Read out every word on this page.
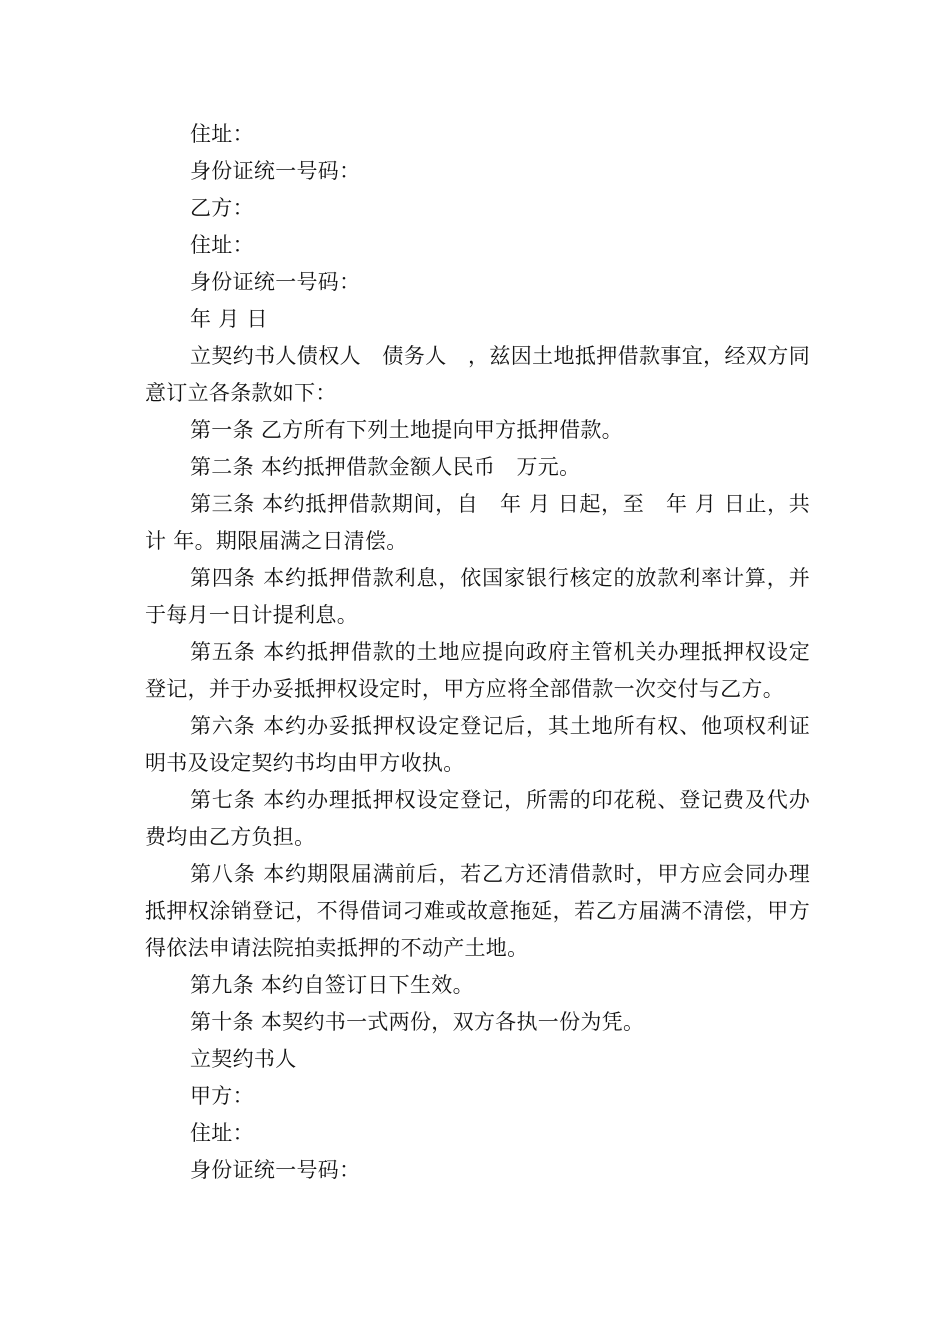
住址：

身份证统一号码：

乙方：

住址：

身份证统一号码：

年 月 日

立契约书人债权人　债务人　，兹因土地抵押借款事宜，经双方同意订立各条款如下：

第一条 乙方所有下列土地提向甲方抵押借款。

第二条 本约抵押借款金额人民币　万元。

第三条 本约抵押借款期间，自　年 月 日起，至　年 月 日止，共计 年。期限届满之日清偿。

第四条 本约抵押借款利息，依国家银行核定的放款利率计算，并于每月一日计提利息。

第五条 本约抵押借款的土地应提向政府主管机关办理抵押权设定登记，并于办妥抵押权设定时，甲方应将全部借款一次交付与乙方。

第六条 本约办妥抵押权设定登记后，其土地所有权、他项权利证明书及设定契约书均由甲方收执。

第七条 本约办理抵押权设定登记，所需的印花税、登记费及代办费均由乙方负担。

第八条 本约期限届满前后，若乙方还清借款时，甲方应会同办理抵押权涂销登记，不得借词刁难或故意拖延，若乙方届满不清偿，甲方得依法申请法院拍卖抵押的不动产土地。

第九条 本约自签订日下生效。

第十条 本契约书一式两份，双方各执一份为凭。

立契约书人

甲方：

住址：

身份证统一号码：
